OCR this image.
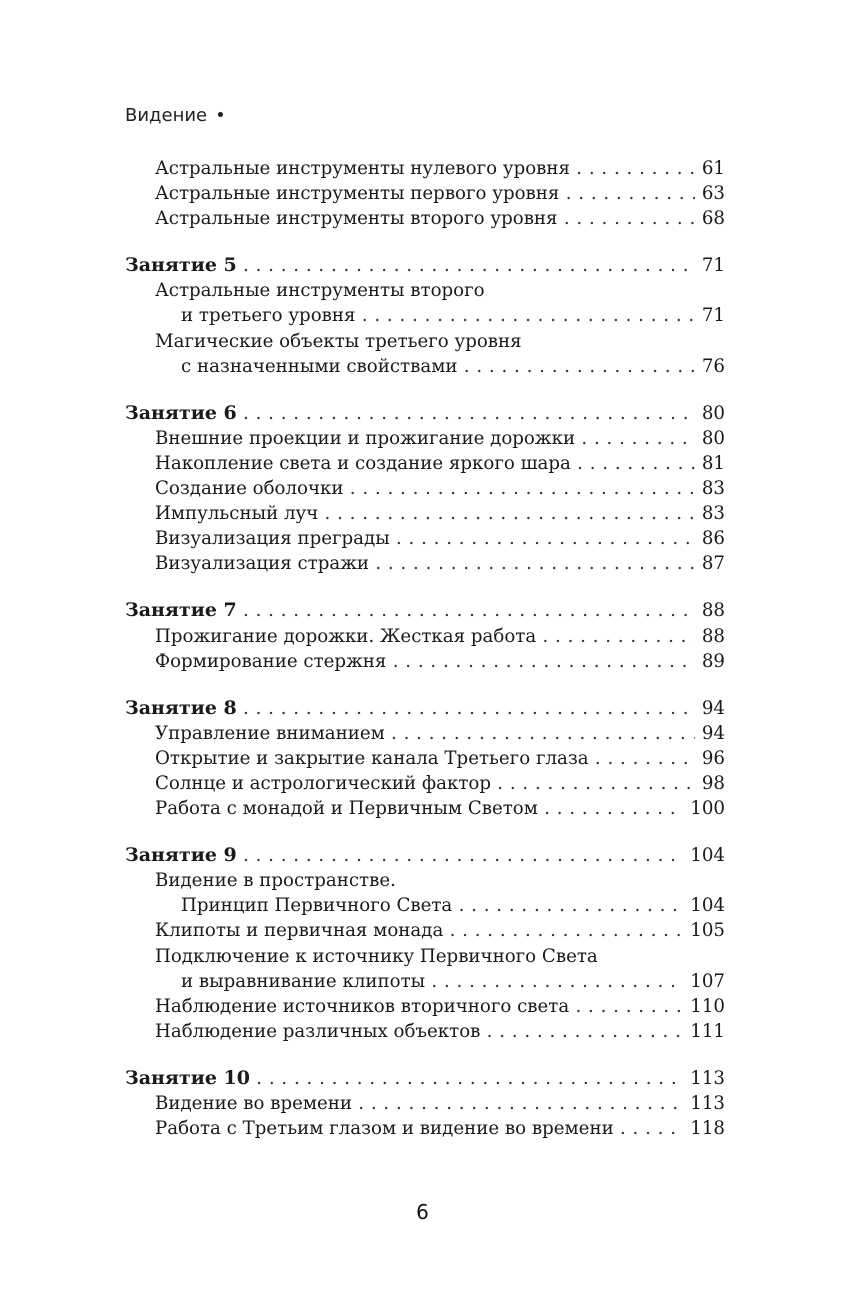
Видение •
Астральные инструменты нулевого уровня . . .	61
Астральные инструменты первого уровня . . .	63
Астральные инструменты второго уровня . . .	68
Занятие 5 . . .	71
Астральные инструменты второго
и третьего уровня . . .	71
Магические объекты третьего уровня
с назначенными свойствами . . .	76
Занятие 6 . . .	80
Внешние проекции и прожигание дорожки . . .	80
Накопление света и создание яркого шара . . .	81
Создание оболочки . . .	83
Импульсный луч . . .	83
Визуализация преграды . . .	86
Визуализация стражи . . .	87
Занятие 7 . . .	88
Прожигание дорожки. Жесткая работа . . .	88
Формирование стержня . . .	89
Занятие 8 . . .	94
Управление вниманием . . .	94
Открытие и закрытие канала Третьего глаза . . .	96
Солнце и астрологический фактор . . .	98
Работа с монадой и Первичным Светом . . .	100
Занятие 9 . . .	104
Видение в пространстве.
Принцип Первичного Света . . .	104
Клипоты и первичная монада . . .	105
Подключение к источнику Первичного Света
и выравнивание клипоты . . .	107
Наблюдение источников вторичного света . . .	110
Наблюдение различных объектов . . .	111
Занятие 10 . . .	113
Видение во времени . . .	113
Работа с Третьим глазом и видение во времени . . .	118
6
